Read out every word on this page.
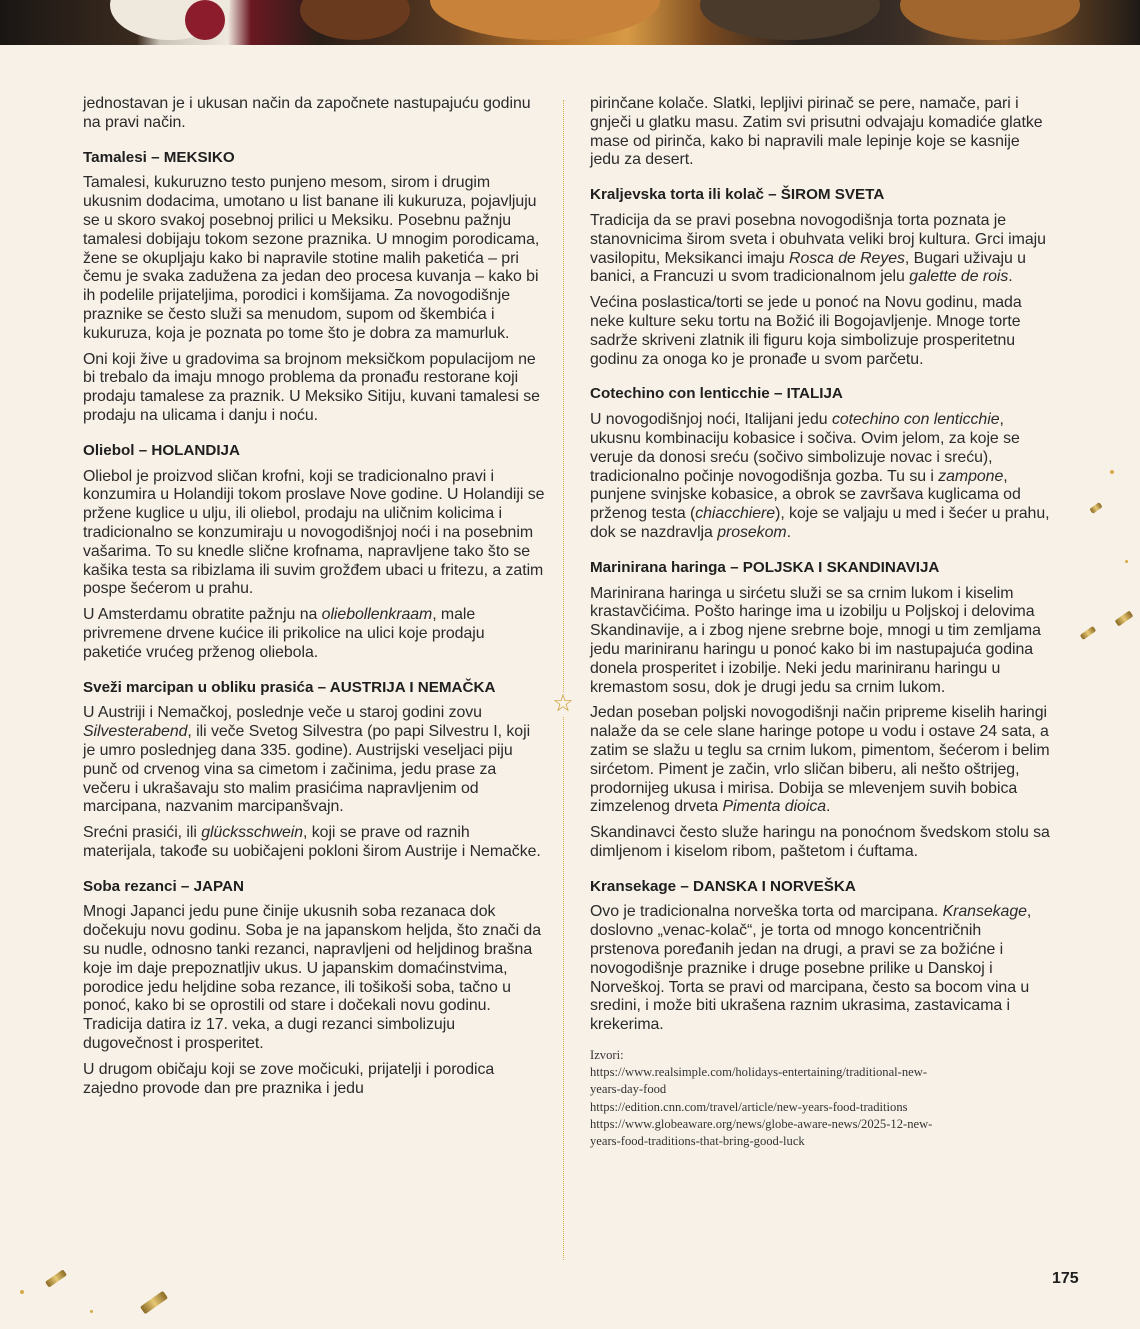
jednostavan je i ukusan način da započnete nastupajuću godinu na pravi način.

Tamalesi – MEKSIKO

Tamalesi, kukuruzno testo punjeno mesom, sirom i drugim ukusnim dodacima, umotano u list banane ili kukuruza, pojavljuju se u skoro svakoj posebnoj prilici u Meksiku. Posebnu pažnju tamalesi dobijaju tokom sezone praznika. U mnogim porodicama, žene se okupljaju kako bi napravile stotine malih paketića – pri čemu je svaka zadužena za jedan deo procesa kuvanja – kako bi ih podelile prijateljima, porodici i komšijama. Za novogodišnje praznike se često služi sa menudom, supom od škembića i kukuruza, koja je poznata po tome što je dobra za mamurluk.

Oni koji žive u gradovima sa brojnom meksičkom populacijom ne bi trebalo da imaju mnogo problema da pronađu restorane koji prodaju tamalese za praznik. U Meksiko Sitiju, kuvani tamalesi se prodaju na ulicama i danju i noću.

Oliebol – HOLANDIJA

Oliebol je proizvod sličan krofni, koji se tradicionalno pravi i konzumira u Holandiji tokom proslave Nove godine. U Holandiji se pržene kuglice u ulju, ili oliebol, prodaju na uličnim kolicima i tradicionalno se konzumiraju u novogodišnjoj noći i na posebnim vašarima. To su knedle slične krofnama, napravljene tako što se kašika testa sa ribizlama ili suvim grožđem ubaci u fritezu, a zatim pospe šećerom u prahu.

U Amsterdamu obratite pažnju na oliebollenkraam, male privremene drvene kućice ili prikolice na ulici koje prodaju paketiće vrućeg prženog oliebola.

Sveži marcipan u obliku prasića – AUSTRIJA I NEMAČKA

U Austriji i Nemačkoj, poslednje veče u staroj godini zovu Silvesterabend, ili veče Svetog Silvestra (po papi Silvestru I, koji je umro poslednjeg dana 335. godine). Austrijski veseljaci piju punč od crvenog vina sa cimetom i začinima, jedu prase za večeru i ukrašavaju sto malim prasićima napravljenim od marcipana, nazvanim marcipanšvajn.

Srećni prasići, ili glücksschwein, koji se prave od raznih materijala, takođe su uobičajeni pokloni širom Austrije i Nemačke.

Soba rezanci – JAPAN

Mnogi Japanci jedu pune činije ukusnih soba rezanaca dok dočekuju novu godinu. Soba je na japanskom heljda, što znači da su nudle, odnosno tanki rezanci, napravljeni od heljdinog brašna koje im daje prepoznatljiv ukus. U japanskim domaćinstvima, porodice jedu heljdine soba rezance, ili tošikoši soba, tačno u ponoć, kako bi se oprostili od stare i dočekali novu godinu. Tradicija datira iz 17. veka, a dugi rezanci simbolizuju dugovečnost i prosperitet.

U drugom običaju koji se zove močicuki, prijatelji i porodica zajedno provode dan pre praznika i jedu

☆

pirinčane kolače. Slatki, lepljivi pirinač se pere, namače, pari i gnječi u glatku masu. Zatim svi prisutni odvajaju komadiće glatke mase od pirinča, kako bi napravili male lepinje koje se kasnije jedu za desert.

Kraljevska torta ili kolač – ŠIROM SVETA

Tradicija da se pravi posebna novogodišnja torta poznata je stanovnicima širom sveta i obuhvata veliki broj kultura. Grci imaju vasilopitu, Meksikanci imaju Rosca de Reyes, Bugari uživaju u banici, a Francuzi u svom tradicionalnom jelu galette de rois.

Većina poslastica/torti se jede u ponoć na Novu godinu, mada neke kulture seku tortu na Božić ili Bogojavljenje. Mnoge torte sadrže skriveni zlatnik ili figuru koja simbolizuje prosperitetnu godinu za onoga ko je pronađe u svom parčetu.

Cotechino con lenticchie – ITALIJA

U novogodišnjoj noći, Italijani jedu cotechino con lenticchie, ukusnu kombinaciju kobasice i sočiva. Ovim jelom, za koje se veruje da donosi sreću (sočivo simbolizuje novac i sreću), tradicionalno počinje novogodišnja gozba. Tu su i zampone, punjene svinjske kobasice, a obrok se završava kuglicama od prženog testa (chiacchiere), koje se valjaju u med i šećer u prahu, dok se nazdravlja prosekom.

Marinirana haringa – POLJSKA I SKANDINAVIJA

Marinirana haringa u sirćetu služi se sa crnim lukom i kiselim krastavčićima. Pošto haringe ima u izobilju u Poljskoj i delovima Skandinavije, a i zbog njene srebrne boje, mnogi u tim zemljama jedu mariniranu haringu u ponoć kako bi im nastupajuća godina donela prosperitet i izobilje. Neki jedu mariniranu haringu u kremastom sosu, dok je drugi jedu sa crnim lukom.

Jedan poseban poljski novogodišnji način pripreme kiselih haringi nalaže da se cele slane haringe potope u vodu i ostave 24 sata, a zatim se slažu u teglu sa crnim lukom, pimentom, šećerom i belim sirćetom. Piment je začin, vrlo sličan biberu, ali nešto oštrijeg, prodornijeg ukusa i mirisa. Dobija se mlevenjem suvih bobica zimzelenog drveta Pimenta dioica.

Skandinavci često služe haringu na ponoćnom švedskom stolu sa dimljenom i kiselom ribom, paštetom i ćuftama.

Kransekage – DANSKA I NORVEŠKA

Ovo je tradicionalna norveška torta od marcipana. Kransekage, doslovno „venac-kolač“, je torta od mnogo koncentričnih prstenova poređanih jedan na drugi, a pravi se za božićne i novogodišnje praznike i druge posebne prilike u Danskoj i Norveškoj. Torta se pravi od marcipana, često sa bocom vina u sredini, i može biti ukrašena raznim ukrasima, zastavicama i krekerima.

Izvori:
https://www.realsimple.com/holidays-entertaining/traditional-new-
years-day-food
https://edition.cnn.com/travel/article/new-years-food-traditions
https://www.globeaware.org/news/globe-aware-news/2025-12-new-
years-food-traditions-that-bring-good-luck
175
